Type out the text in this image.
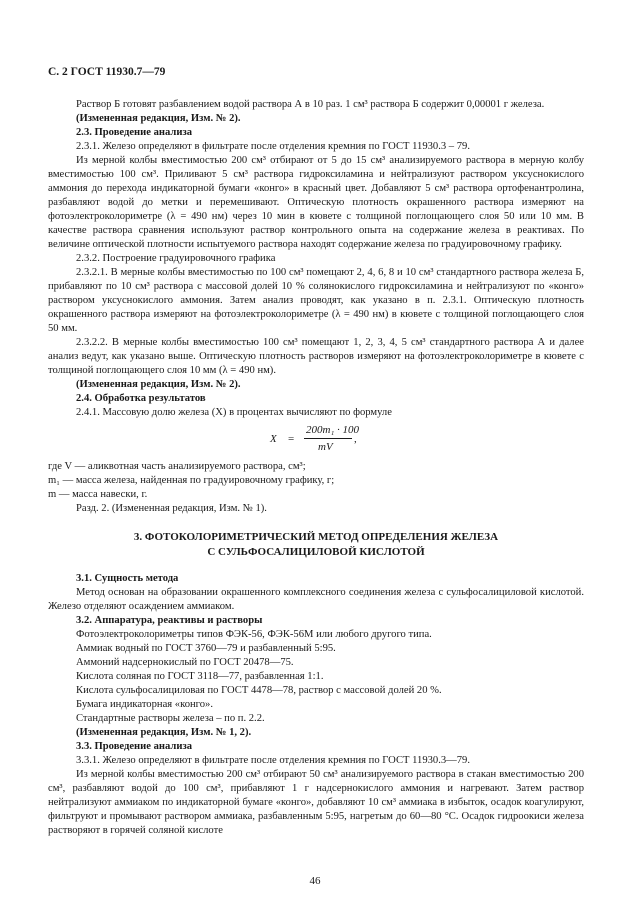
С. 2 ГОСТ 11930.7—79

Раствор Б готовят разбавлением водой раствора А в 10 раз. 1 см³ раствора Б содержит 0,00001 г железа.

(Измененная редакция, Изм. № 2).

2.3. Проведение анализа

2.3.1. Железо определяют в фильтрате после отделения кремния по ГОСТ 11930.3 – 79.

Из мерной колбы вместимостью 200 см³ отбирают от 5 до 15 см³ анализируемого раствора в мерную колбу вместимостью 100 см³. Приливают 5 см³ раствора гидроксиламина и нейтрализуют раствором уксуснокислого аммония до перехода индикаторной бумаги «конго» в красный цвет. Добавляют 5 см³ раствора ортофенантролина, разбавляют водой до метки и перемешивают. Оптическую плотность окрашенного раствора измеряют на фотоэлектроколориметре (λ = 490 нм) через 10 мин в кювете с толщиной поглощающего слоя 50 или 10 мм. В качестве раствора сравнения используют раствор контрольного опыта на содержание железа в реактивах. По величине оптической плотности испытуемого раствора находят содержание железа по градуировочному графику.

2.3.2. Построение градуировочного графика

2.3.2.1. В мерные колбы вместимостью по 100 см³ помещают 2, 4, 6, 8 и 10 см³ стандартного раствора железа Б, прибавляют по 10 см³ раствора с массовой долей 10 % солянокислого гидроксиламина и нейтрализуют по «конго» раствором уксуснокислого аммония. Затем анализ проводят, как указано в п. 2.3.1. Оптическую плотность окрашенного раствора измеряют на фотоэлектроколориметре (λ = 490 нм) в кювете с толщиной поглощающего слоя 50 мм.

2.3.2.2. В мерные колбы вместимостью 100 см³ помещают 1, 2, 3, 4, 5 см³ стандартного раствора А и далее анализ ведут, как указано выше. Оптическую плотность растворов измеряют на фотоэлектроколориметре в кювете с толщиной поглощающего слоя 10 мм (λ = 490 нм).

(Измененная редакция, Изм. № 2).

2.4. Обработка результатов

2.4.1. Массовую долю железа (X) в процентах вычисляют по формуле

X =
200m₁ · 100
mV
,

где V — аликвотная часть анализируемого раствора, см³;

m₁ — масса железа, найденная по градуировочному графику, г;

m — масса навески, г.

Разд. 2. (Измененная редакция, Изм. № 1).

3. ФОТОКОЛОРИМЕТРИЧЕСКИЙ МЕТОД ОПРЕДЕЛЕНИЯ ЖЕЛЕЗА

С СУЛЬФОСАЛИЦИЛОВОЙ КИСЛОТОЙ

3.1. Сущность метода

Метод основан на образовании окрашенного комплексного соединения железа с сульфосалициловой кислотой. Железо отделяют осаждением аммиаком.

3.2. Аппаратура, реактивы и растворы

Фотоэлектроколориметры типов ФЭК-56, ФЭК-56М или любого другого типа.

Аммиак водный по ГОСТ 3760—79 и разбавленный 5:95.

Аммоний надсернокислый по ГОСТ 20478—75.

Кислота соляная по ГОСТ 3118—77, разбавленная 1:1.

Кислота сульфосалициловая по ГОСТ 4478—78, раствор с массовой долей 20 %.

Бумага индикаторная «конго».

Стандартные растворы железа – по п. 2.2.

(Измененная редакция, Изм. № 1, 2).

3.3. Проведение анализа

3.3.1. Железо определяют в фильтрате после отделения кремния по ГОСТ 11930.3—79.

Из мерной колбы вместимостью 200 см³ отбирают 50 см³ анализируемого раствора в стакан вместимостью 200 см³, разбавляют водой до 100 см³, прибавляют 1 г надсернокислого аммония и нагревают. Затем раствор нейтрализуют аммиаком по индикаторной бумаге «конго», добавляют 10 см³ аммиака в избыток, осадок коагулируют, фильтруют и промывают раствором аммиака, разбавленным 5:95, нагретым до 60—80 °С. Осадок гидроокиси железа растворяют в горячей соляной кислоте

46
